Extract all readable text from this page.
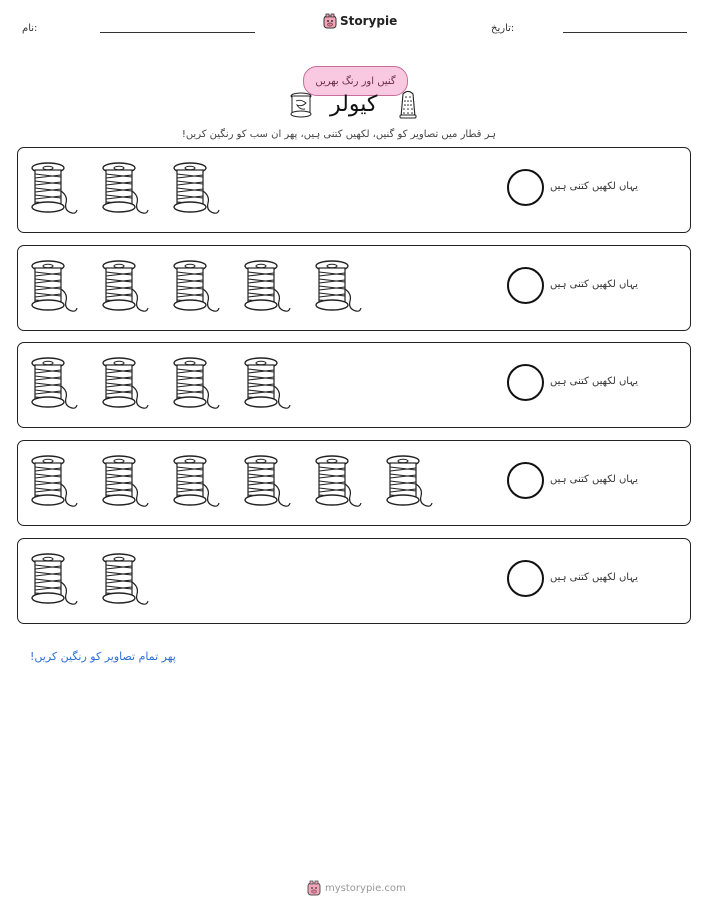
نام:
Storypie
تاریخ:
گنیں اور رنگ بھریں
کیولر
ہر قطار میں تصاویر کو گنیں، لکھیں کتنی ہیں، پھر ان سب کو رنگین کریں!
یہاں لکھیں کتنی ہیں
یہاں لکھیں کتنی ہیں
یہاں لکھیں کتنی ہیں
یہاں لکھیں کتنی ہیں
یہاں لکھیں کتنی ہیں
پھر تمام تصاویر کو رنگین کریں!
mystorypie.com
